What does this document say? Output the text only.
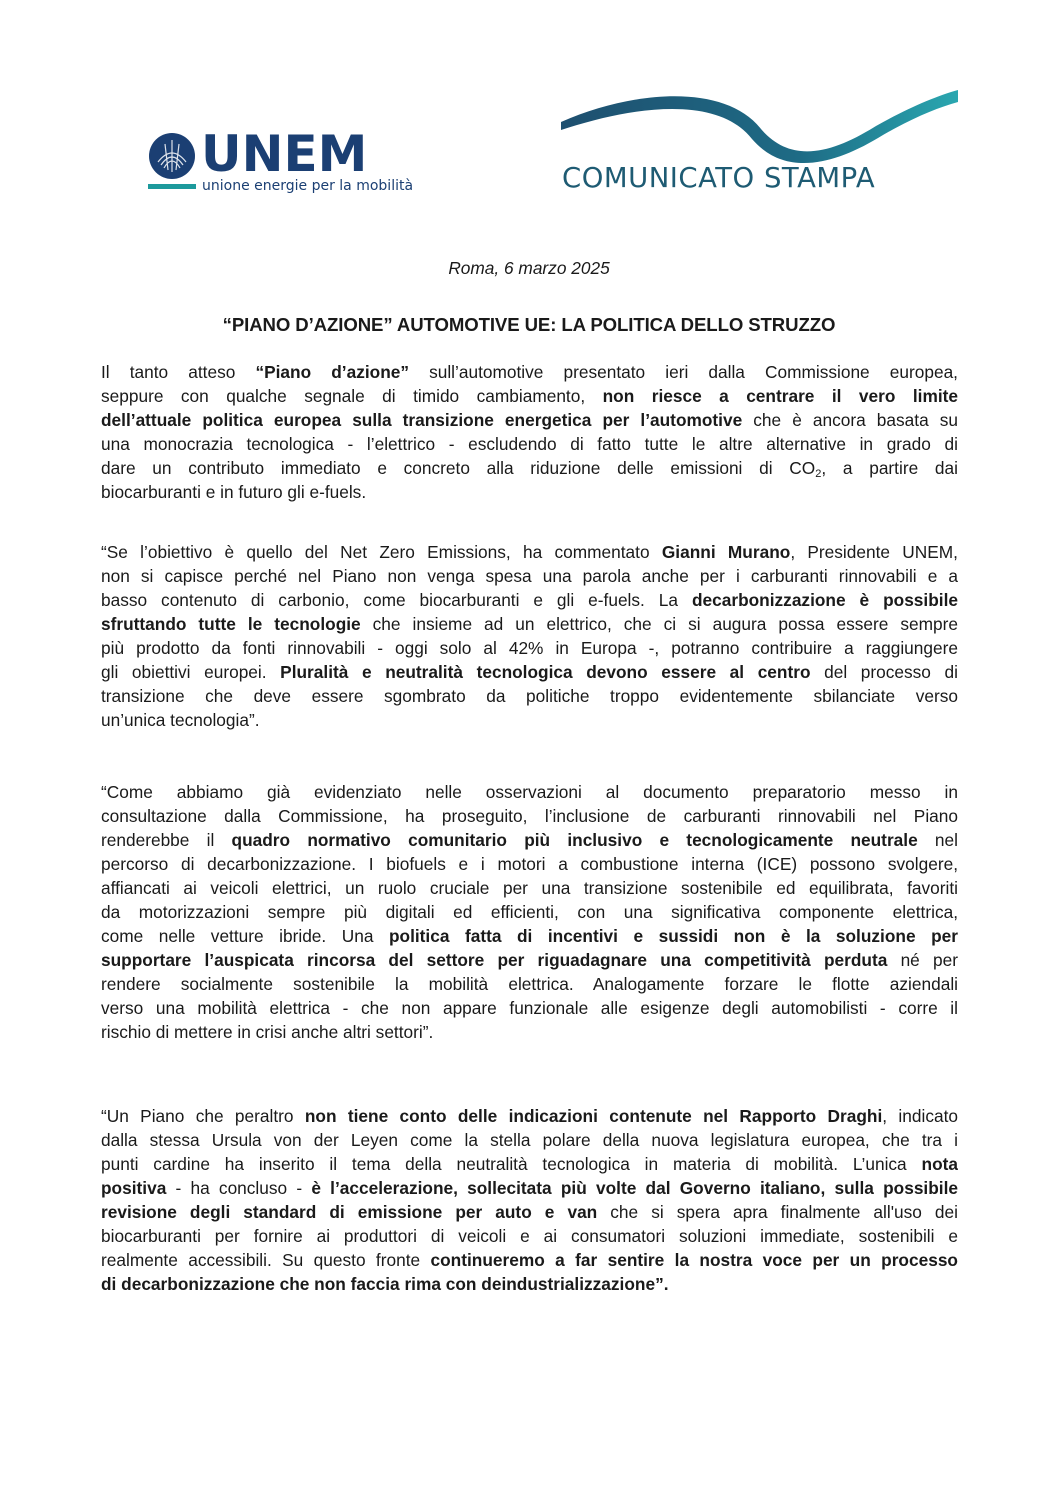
UNEM
unione energie per la mobilità	COMUNICATO STAMPA
Roma, 6 marzo 2025
“PIANO D’AZIONE” AUTOMOTIVE UE: LA POLITICA DELLO STRUZZO
Il tanto atteso “Piano d’azione” sull’automotive presentato ieri dalla Commissione europea,
seppure con qualche segnale di timido cambiamento, non riesce a centrare il vero limite
dell’attuale politica europea sulla transizione energetica per l’automotive che è ancora basata su
una monocrazia tecnologica - l’elettrico - escludendo di fatto tutte le altre alternative in grado di
dare un contributo immediato e concreto alla riduzione delle emissioni di $CO_2$, a partire dai
biocarburanti e in futuro gli e-fuels.
“Se l’obiettivo è quello del Net Zero Emissions, ha commentato Gianni Murano, Presidente UNEM,
non si capisce perché nel Piano non venga spesa una parola anche per i carburanti rinnovabili e a
basso contenuto di carbonio, come biocarburanti e gli e-fuels. La decarbonizzazione è possibile
sfruttando tutte le tecnologie che insieme ad un elettrico, che ci si augura possa essere sempre
più prodotto da fonti rinnovabili - oggi solo al 42% in Europa -, potranno contribuire a raggiungere
gli obiettivi europei. Pluralità e neutralità tecnologica devono essere al centro del processo di
transizione che deve essere sgombrato da politiche troppo evidentemente sbilanciate verso
un’unica tecnologia”.
“Come abbiamo già evidenziato nelle osservazioni al documento preparatorio messo in
consultazione dalla Commissione, ha proseguito, l’inclusione de carburanti rinnovabili nel Piano
renderebbe il quadro normativo comunitario più inclusivo e tecnologicamente neutrale nel
percorso di decarbonizzazione. I biofuels e i motori a combustione interna (ICE) possono svolgere,
affiancati ai veicoli elettrici, un ruolo cruciale per una transizione sostenibile ed equilibrata, favoriti
da motorizzazioni sempre più digitali ed efficienti, con una significativa componente elettrica,
come nelle vetture ibride. Una politica fatta di incentivi e sussidi non è la soluzione per
supportare l’auspicata rincorsa del settore per riguadagnare una competitività perduta né per
rendere socialmente sostenibile la mobilità elettrica. Analogamente forzare le flotte aziendali
verso una mobilità elettrica - che non appare funzionale alle esigenze degli automobilisti - corre il
rischio di mettere in crisi anche altri settori”.
“Un Piano che peraltro non tiene conto delle indicazioni contenute nel Rapporto Draghi, indicato
dalla stessa Ursula von der Leyen come la stella polare della nuova legislatura europea, che tra i
punti cardine ha inserito il tema della neutralità tecnologica in materia di mobilità. L’unica nota
positiva - ha concluso - è l’accelerazione, sollecitata più volte dal Governo italiano, sulla possibile
revisione degli standard di emissione per auto e van che si spera apra finalmente all'uso dei
biocarburanti per fornire ai produttori di veicoli e ai consumatori soluzioni immediate, sostenibili e
realmente accessibili. Su questo fronte continueremo a far sentire la nostra voce per un processo
di decarbonizzazione che non faccia rima con deindustrializzazione”.
